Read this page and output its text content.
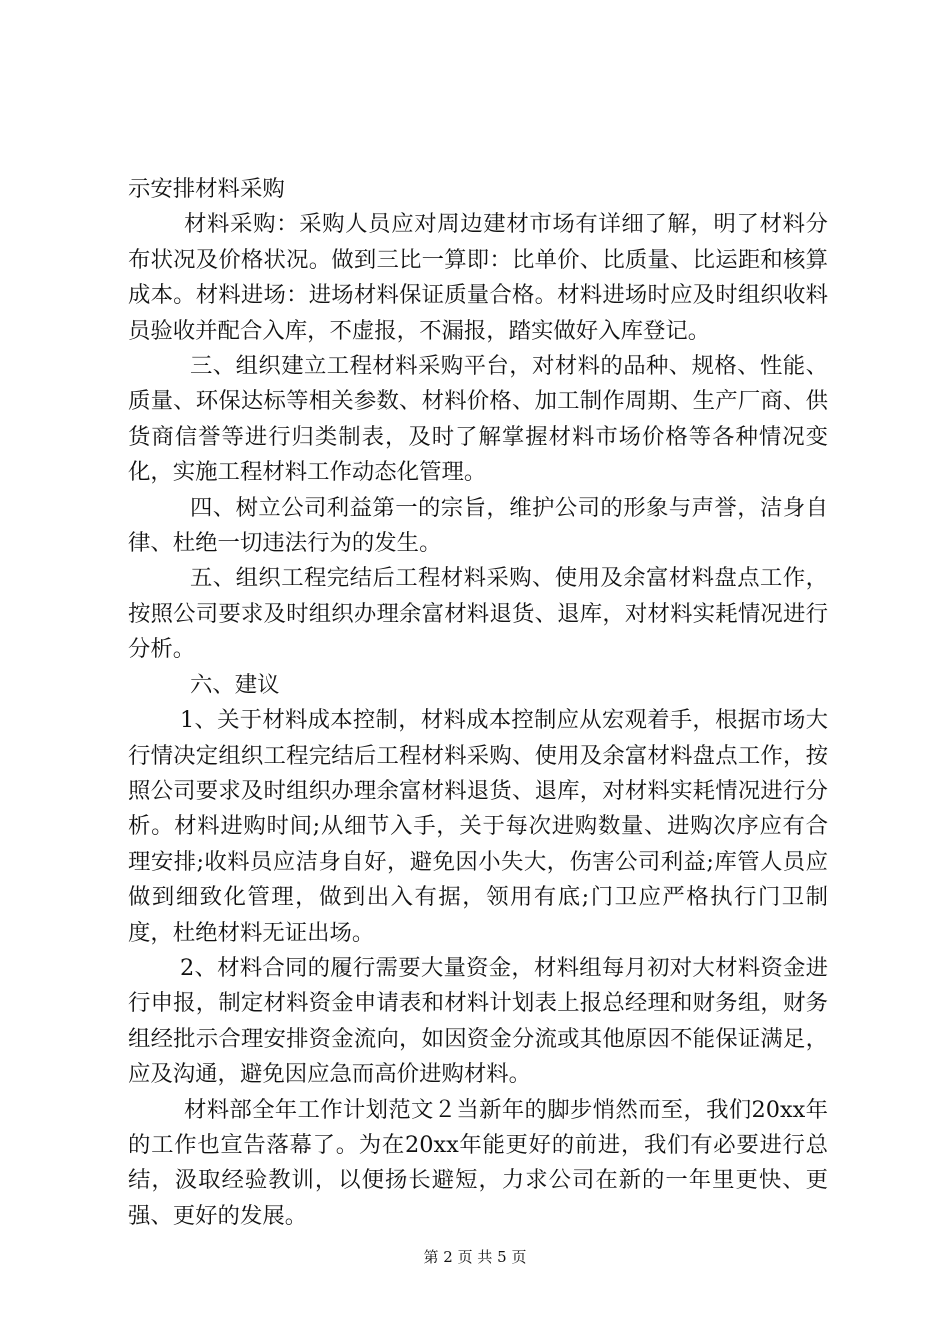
示安排材料采购

材料采购：采购人员应对周边建材市场有详细了解，明了材料分布状况及价格状况。做到三比一算即：比单价、比质量、比运距和核算成本。材料进场：进场材料保证质量合格。材料进场时应及时组织收料员验收并配合入库，不虚报，不漏报，踏实做好入库登记。

三、组织建立工程材料采购平台，对材料的品种、规格、性能、质量、环保达标等相关参数、材料价格、加工制作周期、生产厂商、供货商信誉等进行归类制表，及时了解掌握材料市场价格等各种情况变化，实施工程材料工作动态化管理。

四、树立公司利益第一的宗旨，维护公司的形象与声誉，洁身自律、杜绝一切违法行为的发生。

五、组织工程完结后工程材料采购、使用及余富材料盘点工作，按照公司要求及时组织办理余富材料退货、退库，对材料实耗情况进行分析。

六、建议

1、关于材料成本控制，材料成本控制应从宏观着手，根据市场大行情决定组织工程完结后工程材料采购、使用及余富材料盘点工作，按照公司要求及时组织办理余富材料退货、退库，对材料实耗情况进行分析。材料进购时间;从细节入手，关于每次进购数量、进购次序应有合理安排;收料员应洁身自好，避免因小失大，伤害公司利益;库管人员应做到细致化管理，做到出入有据，领用有底;门卫应严格执行门卫制度，杜绝材料无证出场。

2、材料合同的履行需要大量资金，材料组每月初对大材料资金进行申报，制定材料资金申请表和材料计划表上报总经理和财务组，财务组经批示合理安排资金流向，如因资金分流或其他原因不能保证满足，应及沟通，避免因应急而高价进购材料。

材料部全年工作计划范文２当新年的脚步悄然而至，我们20xx年的工作也宣告落幕了。为在20xx年能更好的前进，我们有必要进行总结，汲取经验教训，以便扬长避短，力求公司在新的一年里更快、更强、更好的发展。

第 2 页 共 5 页
